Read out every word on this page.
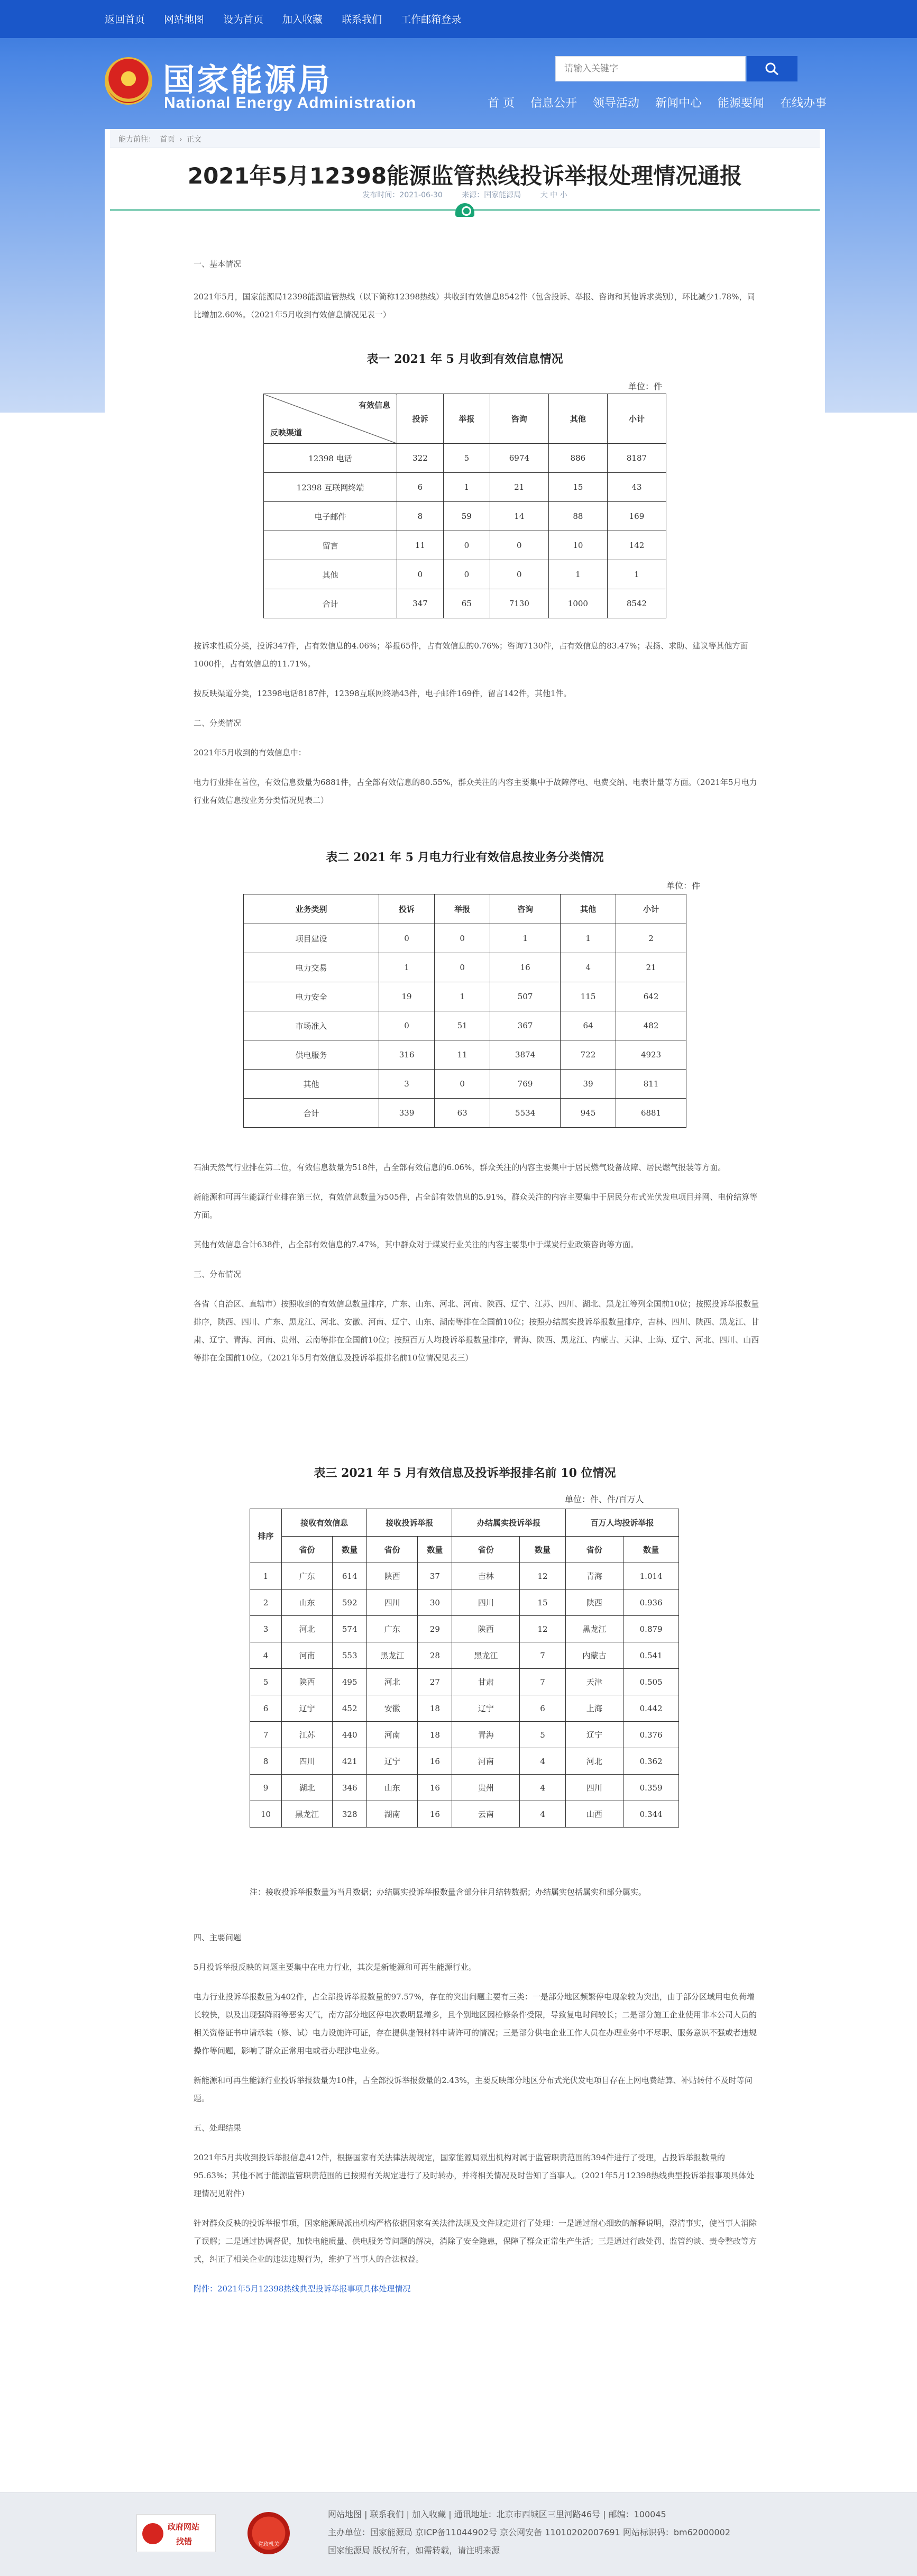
返回首页 网站地图 设为首页 加入收藏 联系我们 工作邮箱登录
国家能源局
National Energy Administration
请输入关键字	首 页 信息公开 领导活动 新闻中心 能源要闻 在线办事
能力前往： 首页 › 正文
2021年5月12398能源监管热线投诉举报处理情况通报
发布时间：2021-06-30	来源：国家能源局	大 中 小

一、基本情况

2021年5月，国家能源局12398能源监管热线（以下简称12398热线）共收到有效信息8542件（包含投诉、举报、咨询和其他诉求类别），环比减少1.78%，同比增加2.60%。（2021年5月收到有效信息情况见表一）

表一 2021 年 5 月收到有效信息情况
单位：件
有效信息
反映渠道	投诉	举报	咨询	其他	小计
12398 电话	322	5	6974	886	8187
12398 互联网终端	6	1	21	15	43
电子邮件	8	59	14	88	169
留言	11	0	0	10	142
其他	0	0	0	1	1
合计	347	65	7130	1000	8542

按诉求性质分类，投诉347件，占有效信息的4.06%；举报65件，占有效信息的0.76%；咨询7130件，占有效信息的83.47%；表扬、求助、建议等其他方面1000件，占有效信息的11.71%。

按反映渠道分类，12398电话8187件，12398互联网终端43件，电子邮件169件，留言142件，其他1件。

二、分类情况

2021年5月收到的有效信息中：

电力行业排在首位，有效信息数量为6881件，占全部有效信息的80.55%，群众关注的内容主要集中于故障停电、电费交纳、电表计量等方面。（2021年5月电力行业有效信息按业务分类情况见表二）

表二 2021 年 5 月电力行业有效信息按业务分类情况
单位：件
业务类别	投诉	举报	咨询	其他	小计
项目建设	0	0	1	1	2
电力交易	1	0	16	4	21
电力安全	19	1	507	115	642
市场准入	0	51	367	64	482
供电服务	316	11	3874	722	4923
其他	3	0	769	39	811
合计	339	63	5534	945	6881

石油天然气行业排在第二位，有效信息数量为518件，占全部有效信息的6.06%，群众关注的内容主要集中于居民燃气设备故障、居民燃气报装等方面。

新能源和可再生能源行业排在第三位，有效信息数量为505件，占全部有效信息的5.91%，群众关注的内容主要集中于居民分布式光伏发电项目并网、电价结算等方面。

其他有效信息合计638件，占全部有效信息的7.47%，其中群众对于煤炭行业关注的内容主要集中于煤炭行业政策咨询等方面。

三、分布情况

各省（自治区、直辖市）按照收到的有效信息数量排序，广东、山东、河北、河南、陕西、辽宁、江苏、四川、湖北、黑龙江等列全国前10位；按照投诉举报数量排序，陕西、四川、广东、黑龙江、河北、安徽、河南、辽宁、山东、湖南等排在全国前10位；按照办结属实投诉举报数量排序，吉林、四川、陕西、黑龙江、甘肃、辽宁、青海、河南、贵州、云南等排在全国前10位；按照百万人均投诉举报数量排序，青海、陕西、黑龙江、内蒙古、天津、上海、辽宁、河北、四川、山西等排在全国前10位。（2021年5月有效信息及投诉举报排名前10位情况见表三）

表三 2021 年 5 月有效信息及投诉举报排名前 10 位情况
单位：件、件/百万人
排序	接收有效信息		接收投诉举报		办结属实投诉举报		百万人均投诉举报	
	省份	数量	省份	数量	省份	数量	省份	数量
1	广东	614	陕西	37	吉林	12	青海	1.014
2	山东	592	四川	30	四川	15	陕西	0.936
3	河北	574	广东	29	陕西	12	黑龙江	0.879
4	河南	553	黑龙江	28	黑龙江	7	内蒙古	0.541
5	陕西	495	河北	27	甘肃	7	天津	0.505
6	辽宁	452	安徽	18	辽宁	6	上海	0.442
7	江苏	440	河南	18	青海	5	辽宁	0.376
8	四川	421	辽宁	16	河南	4	河北	0.362
9	湖北	346	山东	16	贵州	4	四川	0.359
10	黑龙江	328	湖南	16	云南	4	山西	0.344
注：接收投诉举报数量为当月数据；办结属实投诉举报数量含部分往月结转数据；办结属实包括属实和部分属实。

四、主要问题

5月投诉举报反映的问题主要集中在电力行业，其次是新能源和可再生能源行业。

电力行业投诉举报数量为402件，占全部投诉举报数量的97.57%，存在的突出问题主要有三类：一是部分地区频繁停电现象较为突出，由于部分区域用电负荷增长较快，以及出现强降雨等恶劣天气，南方部分地区停电次数明显增多，且个别地区因检修条件受限，导致复电时间较长；二是部分施工企业使用非本公司人员的相关资格证书申请承装（修、试）电力设施许可证，存在提供虚假材料申请许可的情况；三是部分供电企业工作人员在办理业务中不尽职、服务意识不强或者违规操作等问题，影响了群众正常用电或者办理涉电业务。

新能源和可再生能源行业投诉举报数量为10件，占全部投诉举报数量的2.43%，主要反映部分地区分布式光伏发电项目存在上网电费结算、补贴转付不及时等问题。

五、处理结果

2021年5月共收到投诉举报信息412件，根据国家有关法律法规规定，国家能源局派出机构对属于监管职责范围的394件进行了受理，占投诉举报数量的95.63%；其他不属于能源监管职责范围的已按照有关规定进行了及时转办，并将相关情况及时告知了当事人。（2021年5月12398热线典型投诉举报事项具体处理情况见附件）

针对群众反映的投诉举报事项，国家能源局派出机构严格依据国家有关法律法规及文件规定进行了处理：一是通过耐心细致的解释说明，澄清事实，使当事人消除了误解；二是通过协调督促，加快电能质量、供电服务等问题的解决，消除了安全隐患，保障了群众正常生产生活；三是通过行政处罚、监管约谈、责令整改等方式，纠正了相关企业的违法违规行为，维护了当事人的合法权益。

附件：2021年5月12398热线典型投诉举报事项具体处理情况

政府网站
找错	党政机关
网站地图 | 联系我们 | 加入收藏 | 通讯地址：北京市西城区三里河路46号 | 邮编：100045
主办单位：国家能源局 京ICP备11044902号 京公网安备 11010202007691 网站标识码：bm62000002
国家能源局 版权所有，如需转载，请注明来源
